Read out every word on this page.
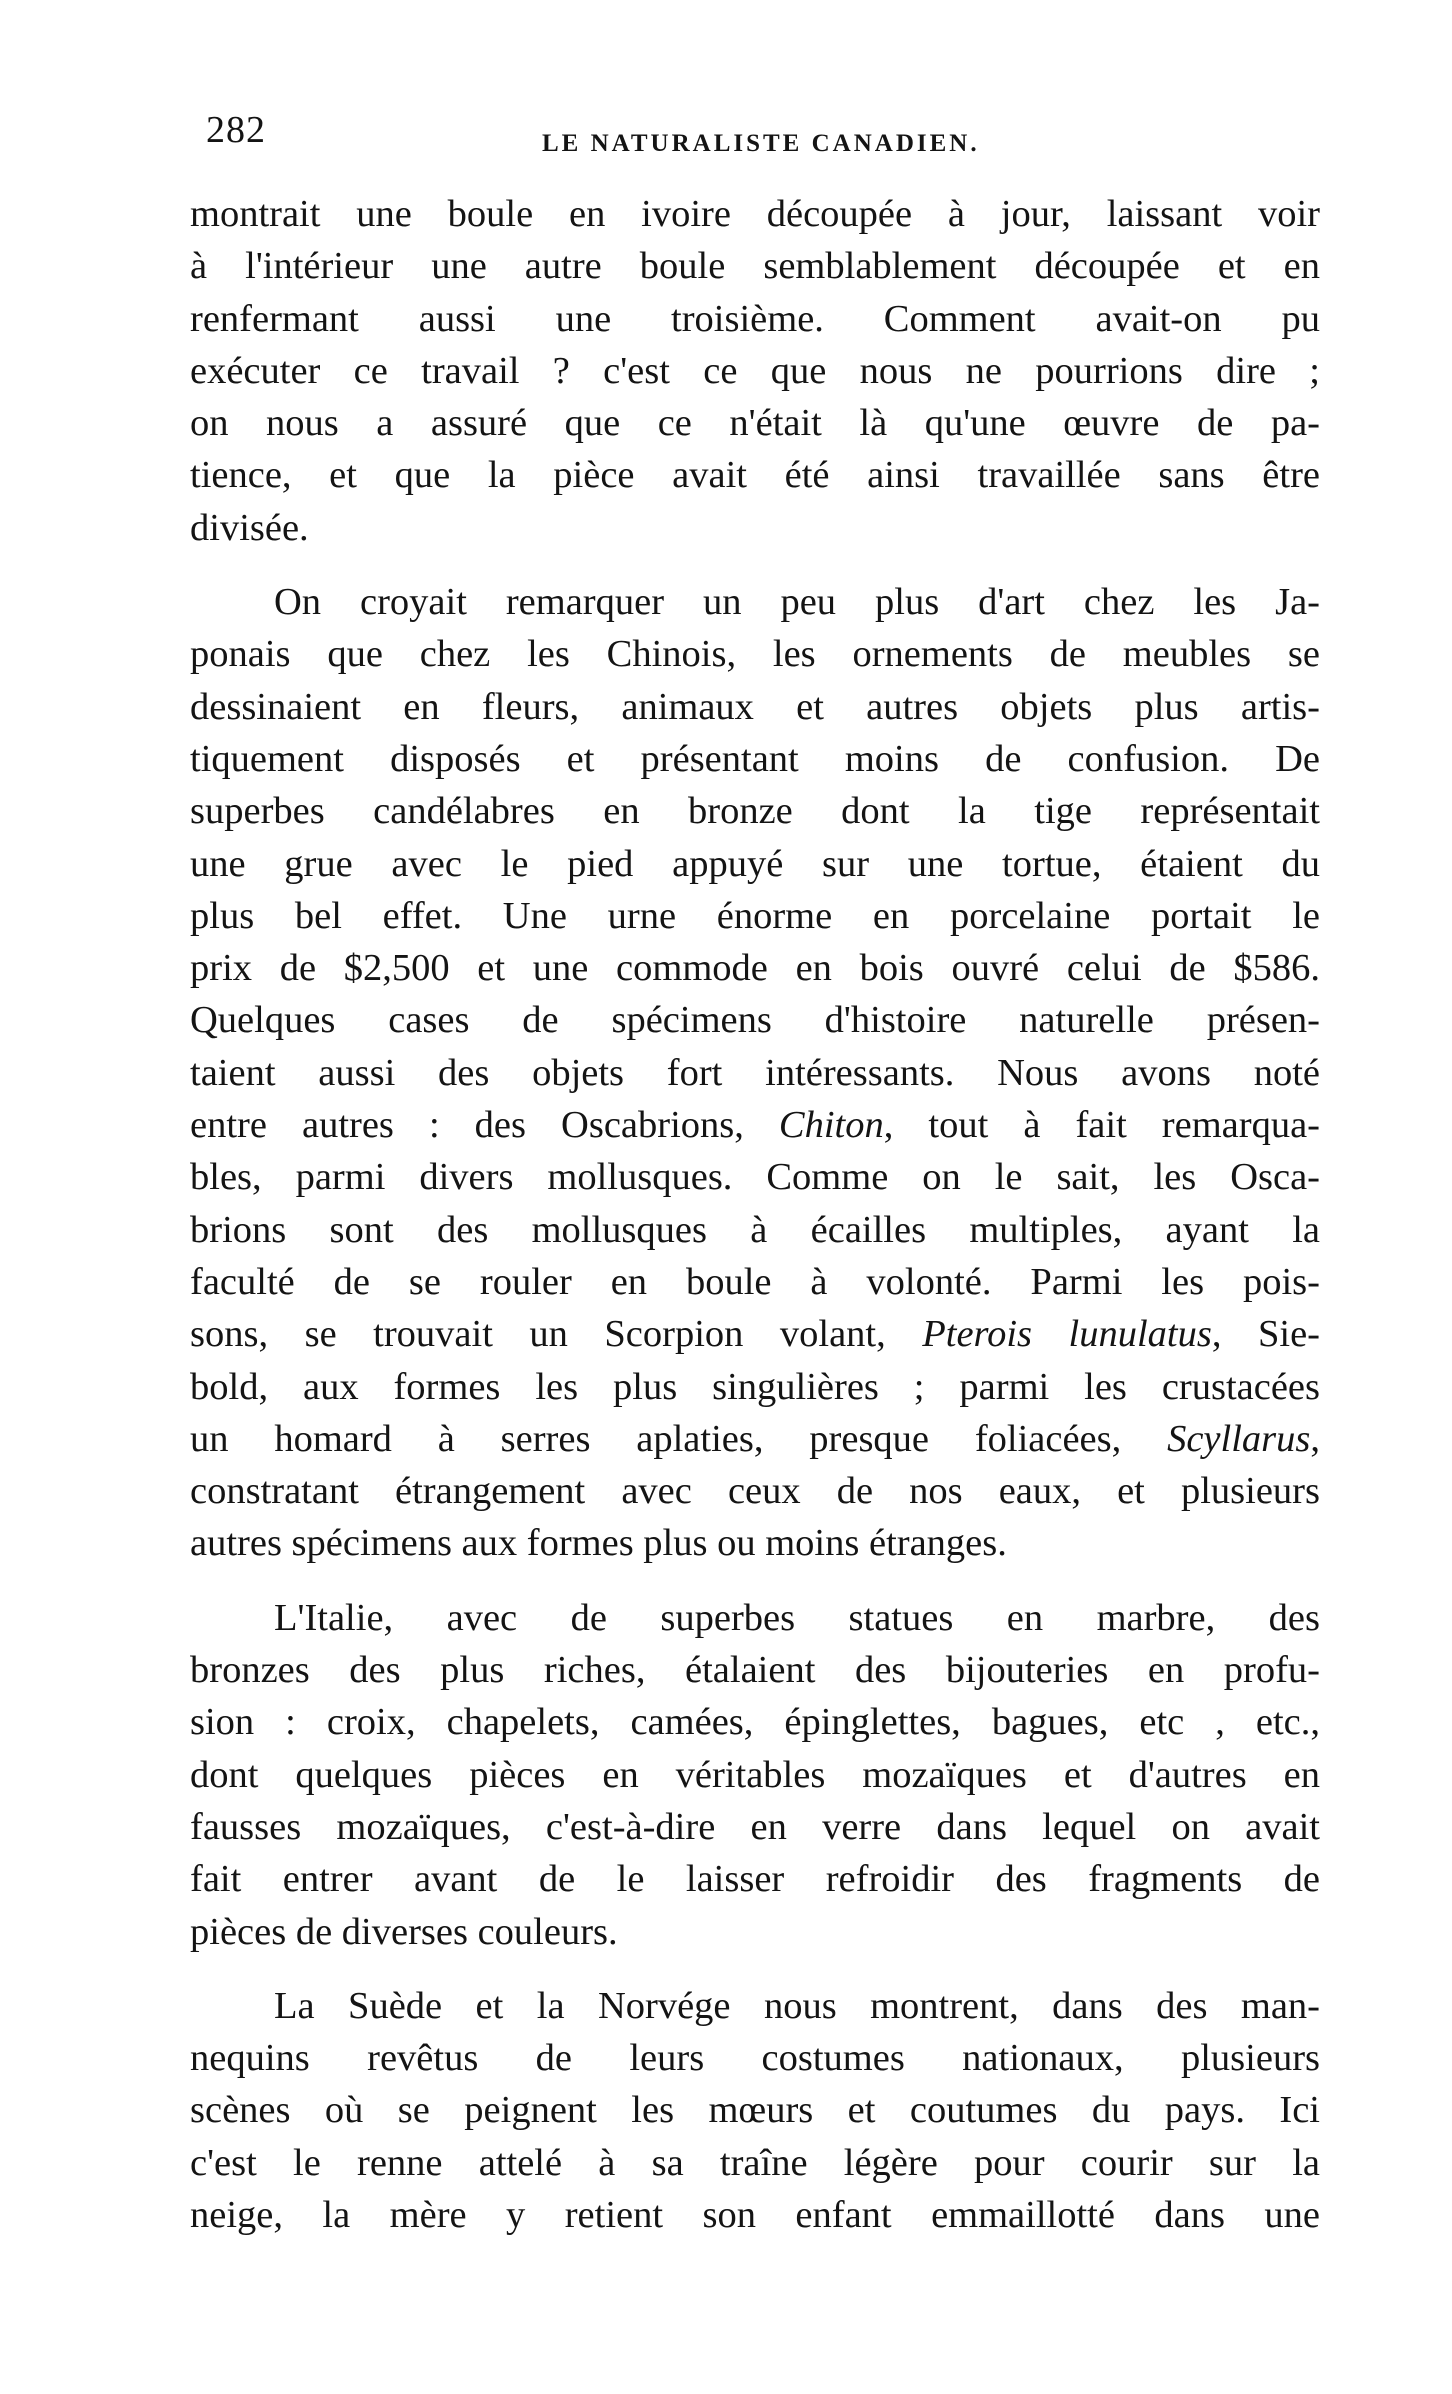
282	LE NATURALISTE CANADIEN.

montrait une boule en ivoire découpée à jour, laissant voir
à l'intérieur une autre boule semblablement découpée et en
renfermant aussi une troisième. Comment avait-on pu
exécuter ce travail ? c'est ce que nous ne pourrions dire ;
on nous a assuré que ce n'était là qu'une œuvre de pa-
tience, et que la pièce avait été ainsi travaillée sans être
divisée.

On croyait remarquer un peu plus d'art chez les Ja-
ponais que chez les Chinois, les ornements de meubles se
dessinaient en fleurs, animaux et autres objets plus artis-
tiquement disposés et présentant moins de confusion. De
superbes candélabres en bronze dont la tige représentait
une grue avec le pied appuyé sur une tortue, étaient du
plus bel effet. Une urne énorme en porcelaine portait le
prix de $2,500 et une commode en bois ouvré celui de $586.
Quelques cases de spécimens d'histoire naturelle présen-
taient aussi des objets fort intéressants. Nous avons noté
entre autres : des Oscabrions, Chiton, tout à fait remarqua-
bles, parmi divers mollusques. Comme on le sait, les Osca-
brions sont des mollusques à écailles multiples, ayant la
faculté de se rouler en boule à volonté. Parmi les pois-
sons, se trouvait un Scorpion volant, Pterois lunulatus, Sie-
bold, aux formes les plus singulières ; parmi les crustacées
un homard à serres aplaties, presque foliacées, Scyllarus,
constratant étrangement avec ceux de nos eaux, et plusieurs
autres spécimens aux formes plus ou moins étranges.

L'Italie, avec de superbes statues en marbre, des
bronzes des plus riches, étalaient des bijouteries en profu-
sion : croix, chapelets, camées, épinglettes, bagues, etc , etc.,
dont quelques pièces en véritables mozaïques et d'autres en
fausses mozaïques, c'est-à-dire en verre dans lequel on avait
fait entrer avant de le laisser refroidir des fragments de
pièces de diverses couleurs.

La Suède et la Norvége nous montrent, dans des man-
nequins revêtus de leurs costumes nationaux, plusieurs
scènes où se peignent les mœurs et coutumes du pays. Ici
c'est le renne attelé à sa traîne légère pour courir sur la
neige, la mère y retient son enfant emmaillotté dans une
